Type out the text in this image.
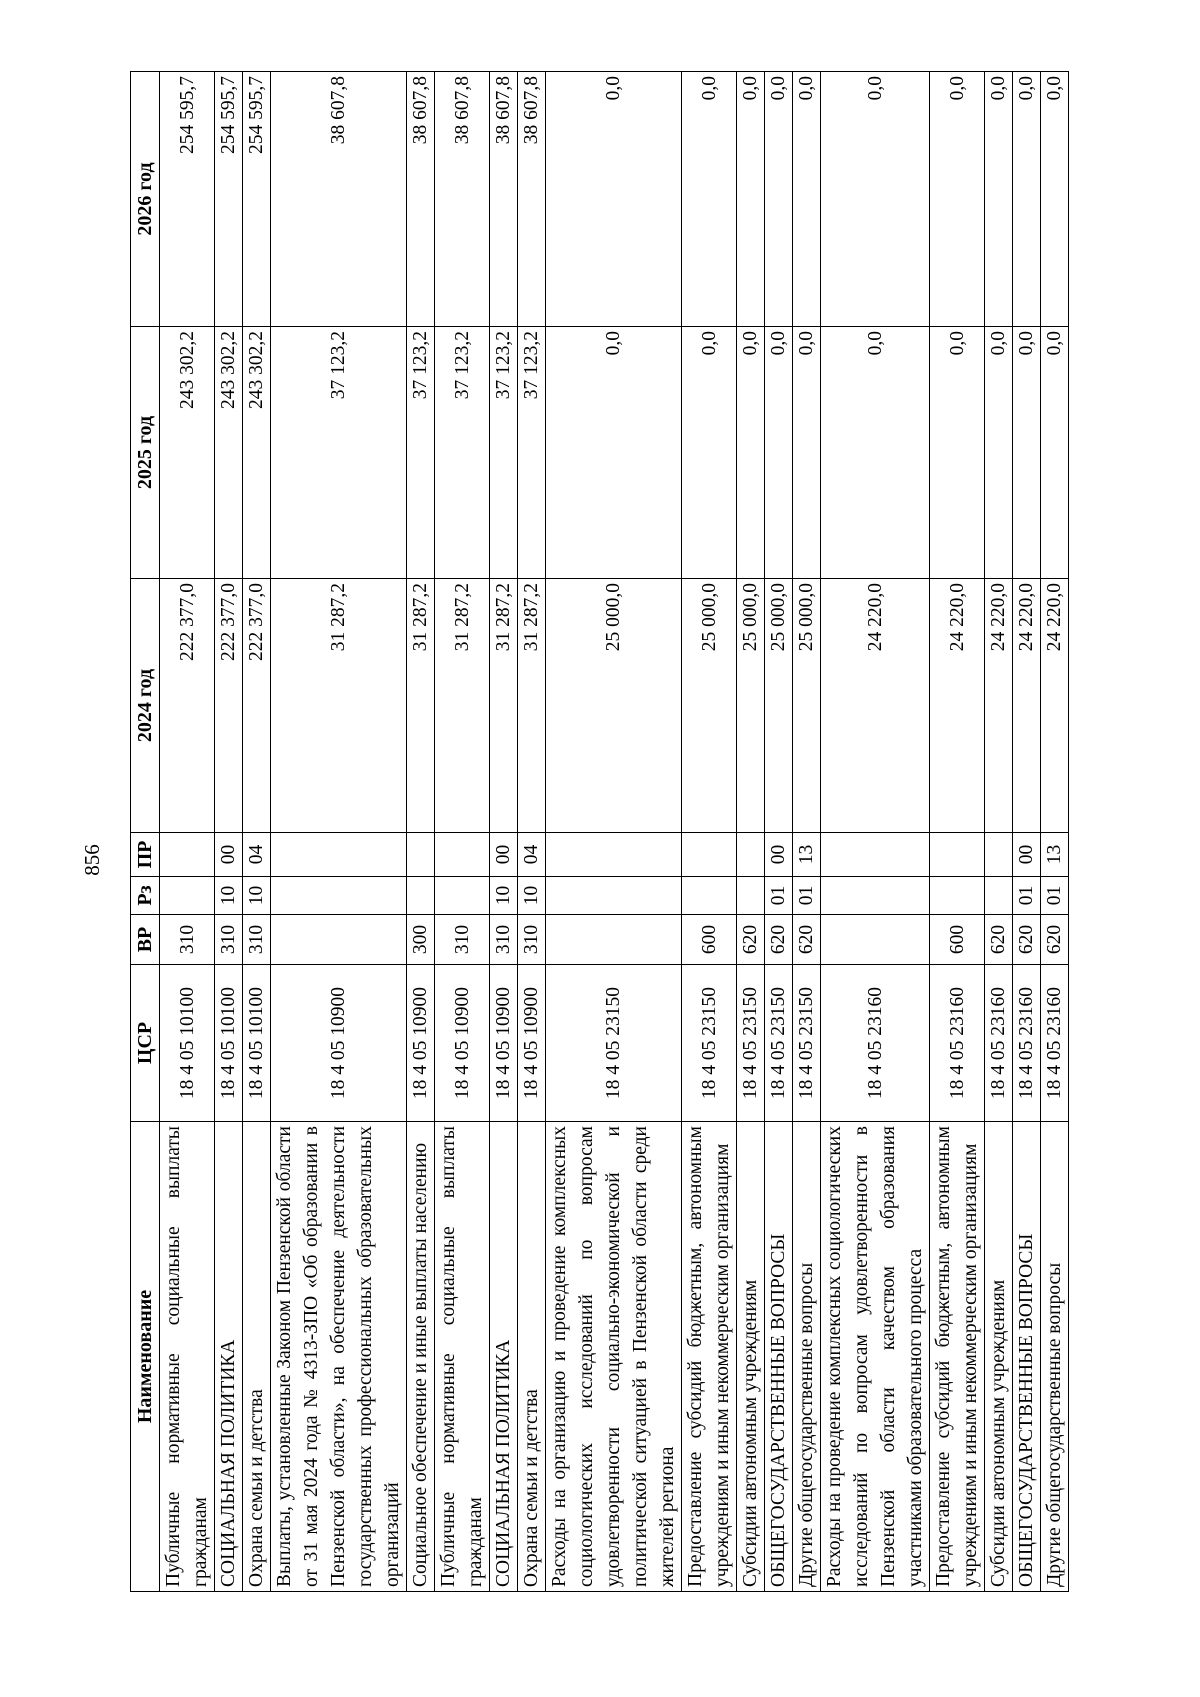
856
Наименование	ЦСР	ВР	Рз	ПР	2024 год	2025 год	2026 год
Публичные нормативные социальные выплаты гражданам	18 4 05 10100	310			222 377,0	243 302,2	254 595,7
СОЦИАЛЬНАЯ ПОЛИТИКА	18 4 05 10100	310	10	00	222 377,0	243 302,2	254 595,7
Охрана семьи и детства	18 4 05 10100	310	10	04	222 377,0	243 302,2	254 595,7
Выплаты, установленные Законом Пензенской области от 31 мая 2024 года № 4313-ЗПО «Об образовании в Пензенской области», на обеспечение деятельности государственных профессиональных образовательных организаций	18 4 05 10900				31 287,2	37 123,2	38 607,8
Социальное обеспечение и иные выплаты населению	18 4 05 10900	300			31 287,2	37 123,2	38 607,8
Публичные нормативные социальные выплаты гражданам	18 4 05 10900	310			31 287,2	37 123,2	38 607,8
СОЦИАЛЬНАЯ ПОЛИТИКА	18 4 05 10900	310	10	00	31 287,2	37 123,2	38 607,8
Охрана семьи и детства	18 4 05 10900	310	10	04	31 287,2	37 123,2	38 607,8
Расходы на организацию и проведение комплексных социологических исследований по вопросам удовлетворенности социально-экономической и политической ситуацией в Пензенской области среди жителей региона	18 4 05 23150				25 000,0	0,0	0,0
Предоставление субсидий бюджетным, автономным учреждениям и иным некоммерческим организациям	18 4 05 23150	600			25 000,0	0,0	0,0
Субсидии автономным учреждениям	18 4 05 23150	620			25 000,0	0,0	0,0
ОБЩЕГОСУДАРСТВЕННЫЕ ВОПРОСЫ	18 4 05 23150	620	01	00	25 000,0	0,0	0,0
Другие общегосударственные вопросы	18 4 05 23150	620	01	13	25 000,0	0,0	0,0
Расходы на проведение комплексных социологических исследований по вопросам удовлетворенности в Пензенской области качеством образования участниками образовательного процесса	18 4 05 23160				24 220,0	0,0	0,0
Предоставление субсидий бюджетным, автономным учреждениям и иным некоммерческим организациям	18 4 05 23160	600			24 220,0	0,0	0,0
Субсидии автономным учреждениям	18 4 05 23160	620			24 220,0	0,0	0,0
ОБЩЕГОСУДАРСТВЕННЫЕ ВОПРОСЫ	18 4 05 23160	620	01	00	24 220,0	0,0	0,0
Другие общегосударственные вопросы	18 4 05 23160	620	01	13	24 220,0	0,0	0,0
